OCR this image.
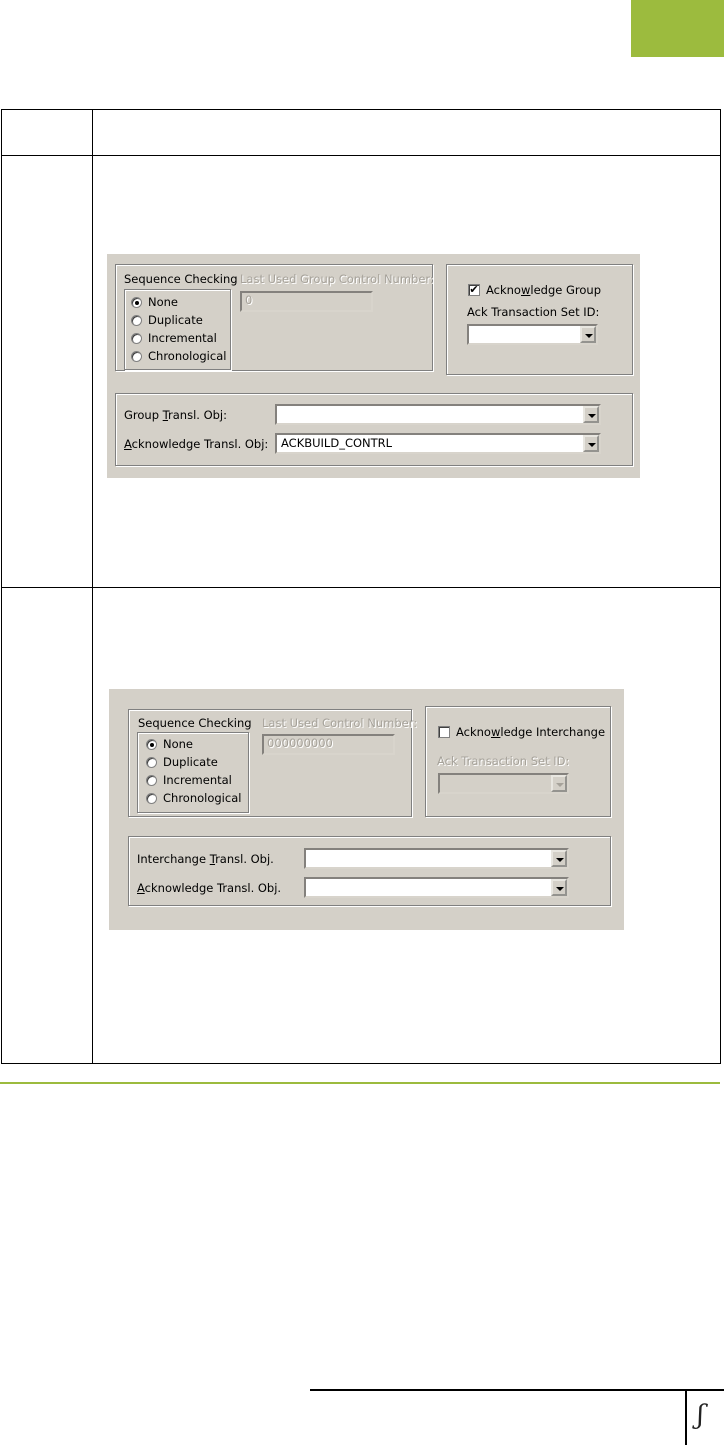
Sequence Checking Last Used Group Control Number:
None
Duplicate
Incremental
Chronological
0
✔ Acknowledge Group
Ack Transaction Set ID:
Group Transl. Obj:
Acknowledge Transl. Obj: ACKBUILD_CONTRL
Sequence Checking Last Used Control Number:
None
Duplicate
Incremental
Chronological
000000000
Acknowledge Interchange
Ack Transaction Set ID:
Interchange Transl. Obj.
Acknowledge Transl. Obj.
ʃ
